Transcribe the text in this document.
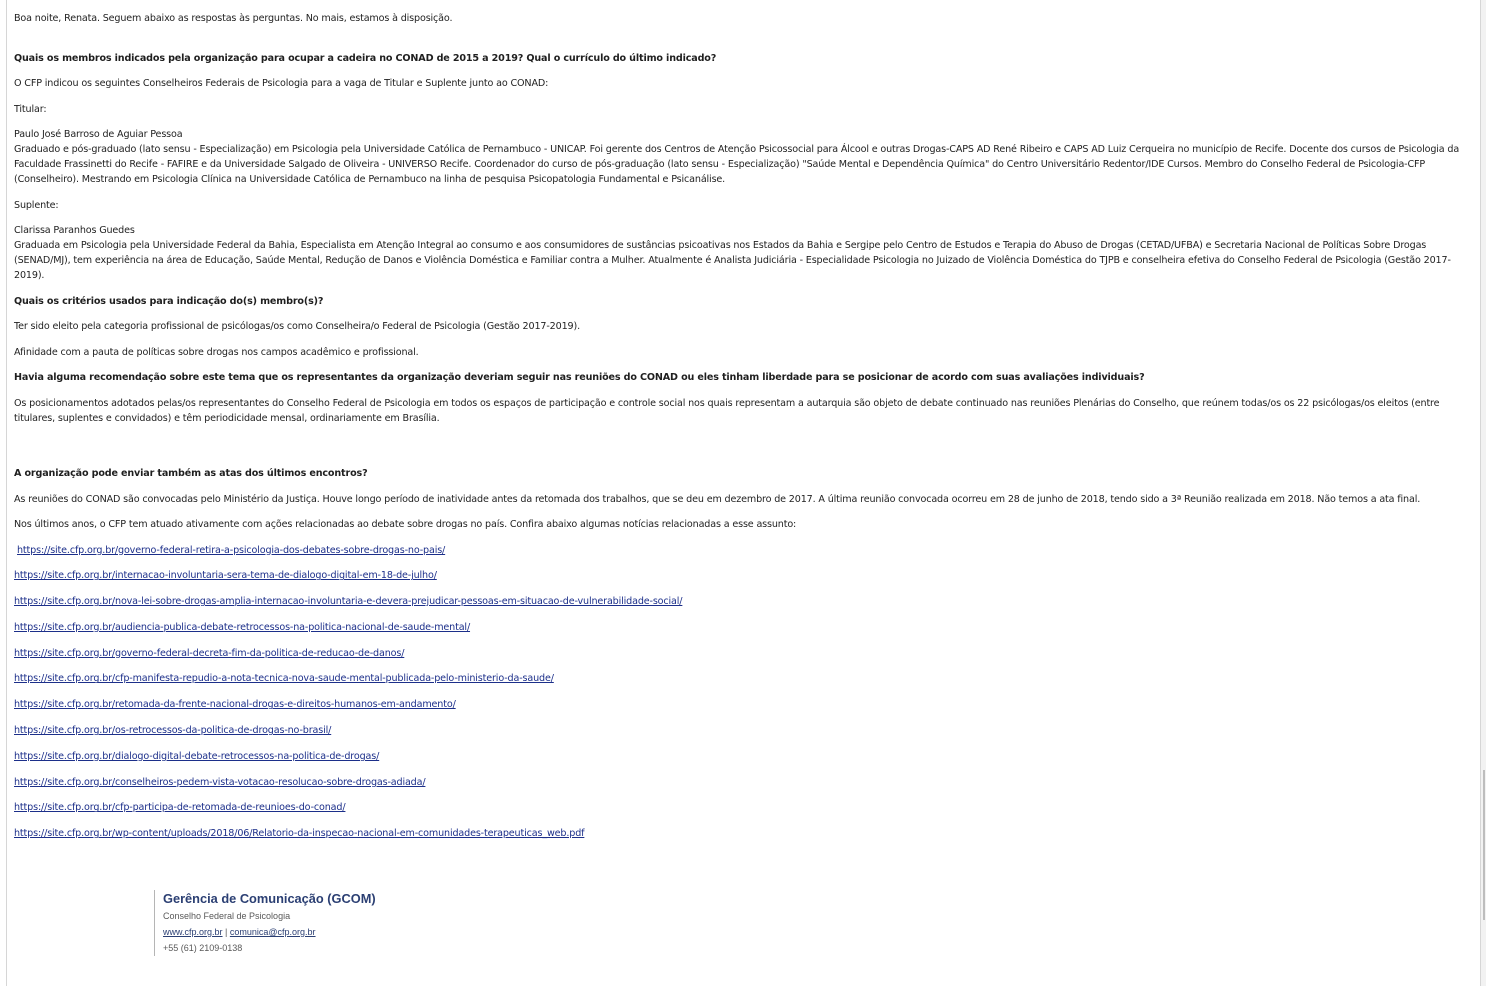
Boa noite, Renata. Seguem abaixo as respostas às perguntas. No mais, estamos à disposição.

Quais os membros indicados pela organização para ocupar a cadeira no CONAD de 2015 a 2019? Qual o currículo do último indicado?

O CFP indicou os seguintes Conselheiros Federais de Psicologia para a vaga de Titular e Suplente junto ao CONAD:

Titular:

Paulo José Barroso de Aguiar Pessoa

Graduado e pós-graduado (lato sensu - Especialização) em Psicologia pela Universidade Católica de Pernambuco - UNICAP. Foi gerente dos Centros de Atenção Psicossocial para Álcool e outras Drogas-CAPS AD René Ribeiro e CAPS AD Luiz Cerqueira no município de Recife. Docente dos cursos de Psicologia da Faculdade Frassinetti do Recife - FAFIRE e da Universidade Salgado de Oliveira - UNIVERSO Recife. Coordenador do curso de pós-graduação (lato sensu - Especialização) "Saúde Mental e Dependência Química" do Centro Universitário Redentor/IDE Cursos. Membro do Conselho Federal de Psicologia-CFP (Conselheiro). Mestrando em Psicologia Clínica na Universidade Católica de Pernambuco na linha de pesquisa Psicopatologia Fundamental e Psicanálise.

Suplente:

Clarissa Paranhos Guedes

Graduada em Psicologia pela Universidade Federal da Bahia, Especialista em Atenção Integral ao consumo e aos consumidores de sustâncias psicoativas nos Estados da Bahia e Sergipe pelo Centro de Estudos e Terapia do Abuso de Drogas (CETAD/UFBA) e Secretaria Nacional de Políticas Sobre Drogas (SENAD/MJ), tem experiência na área de Educação, Saúde Mental, Redução de Danos e Violência Doméstica e Familiar contra a Mulher. Atualmente é Analista Judiciária - Especialidade Psicologia no Juizado de Violência Doméstica do TJPB e conselheira efetiva do Conselho Federal de Psicologia (Gestão 2017-2019).

Quais os critérios usados para indicação do(s) membro(s)?

Ter sido eleito pela categoria profissional de psicólogas/os como Conselheira/o Federal de Psicologia (Gestão 2017-2019).

Afinidade com a pauta de políticas sobre drogas nos campos acadêmico e profissional.

Havia alguma recomendação sobre este tema que os representantes da organização deveriam seguir nas reuniões do CONAD ou eles tinham liberdade para se posicionar de acordo com suas avaliações individuais?

Os posicionamentos adotados pelas/os representantes do Conselho Federal de Psicologia em todos os espaços de participação e controle social nos quais representam a autarquia são objeto de debate continuado nas reuniões Plenárias do Conselho, que reúnem todas/os os 22 psicólogas/os eleitos (entre titulares, suplentes e convidados) e têm periodicidade mensal, ordinariamente em Brasília.

A organização pode enviar também as atas dos últimos encontros?

As reuniões do CONAD são convocadas pelo Ministério da Justiça. Houve longo período de inatividade antes da retomada dos trabalhos, que se deu em dezembro de 2017. A última reunião convocada ocorreu em 28 de junho de 2018, tendo sido a 3ª Reunião realizada em 2018. Não temos a ata final.

Nos últimos anos, o CFP tem atuado ativamente com ações relacionadas ao debate sobre drogas no país. Confira abaixo algumas notícias relacionadas a esse assunto:

https://site.cfp.org.br/governo-federal-retira-a-psicologia-dos-debates-sobre-drogas-no-pais/

https://site.cfp.org.br/internacao-involuntaria-sera-tema-de-dialogo-digital-em-18-de-julho/

https://site.cfp.org.br/nova-lei-sobre-drogas-amplia-internacao-involuntaria-e-devera-prejudicar-pessoas-em-situacao-de-vulnerabilidade-social/

https://site.cfp.org.br/audiencia-publica-debate-retrocessos-na-politica-nacional-de-saude-mental/

https://site.cfp.org.br/governo-federal-decreta-fim-da-politica-de-reducao-de-danos/

https://site.cfp.org.br/cfp-manifesta-repudio-a-nota-tecnica-nova-saude-mental-publicada-pelo-ministerio-da-saude/

https://site.cfp.org.br/retomada-da-frente-nacional-drogas-e-direitos-humanos-em-andamento/

https://site.cfp.org.br/os-retrocessos-da-politica-de-drogas-no-brasil/

https://site.cfp.org.br/dialogo-digital-debate-retrocessos-na-politica-de-drogas/

https://site.cfp.org.br/conselheiros-pedem-vista-votacao-resolucao-sobre-drogas-adiada/

https://site.cfp.org.br/cfp-participa-de-retomada-de-reunioes-do-conad/

https://site.cfp.org.br/wp-content/uploads/2018/06/Relatorio-da-inspecao-nacional-em-comunidades-terapeuticas_web.pdf

Gerência de Comunicação (GCOM)
Conselho Federal de Psicologia
www.cfp.org.br | comunica@cfp.org.br
+55 (61) 2109-0138
